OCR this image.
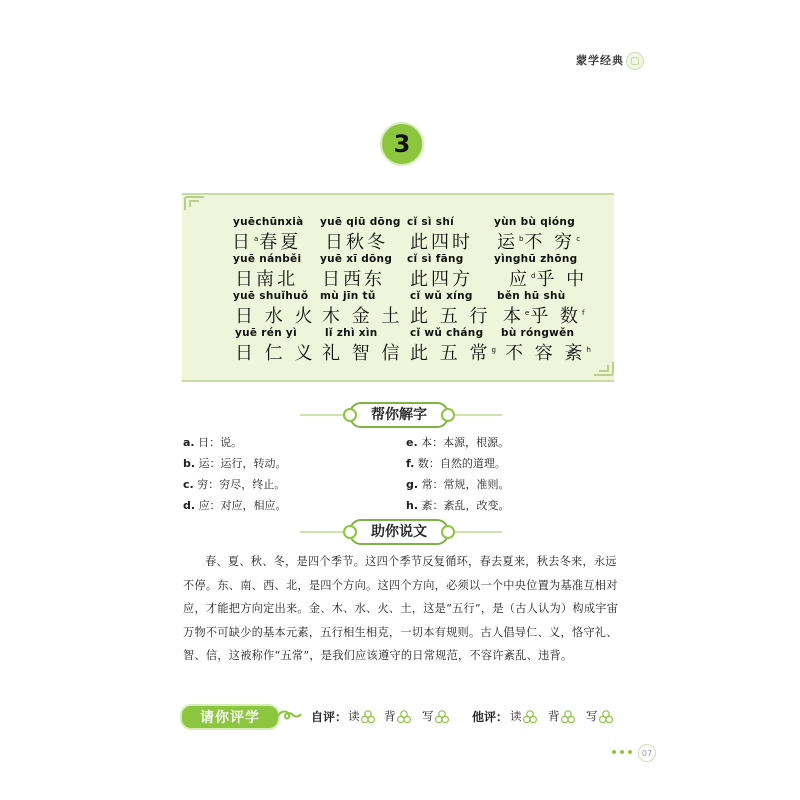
蒙学经典
3
yuēchūnxià yuē qiū dōng cǐ sì shí	yùn bù qióng
日$^a$春夏 日秋冬 此四时 运$^b$不 穷$^c$
yuē nánběi yuē xī dōng cǐ sì fāng	yìnghū zhōng
日南北 日西东 此四方 应$^d$乎 中
yuē shuǐhuǒ mù jīn tǔ	cǐ wǔ xíng běn hū shù
日 水 火 木 金 土 此 五 行 本$^e$乎 数$^f$
yuē rén yì	lǐ zhì xìn	cǐ wǔ cháng bù róngwěn
日 仁 义 礼 智 信 此 五 常$^g$ 不 容 紊$^h$
帮你解字
a. 日：说。
b. 运：运行，转动。
c. 穷：穷尽，终止。
d. 应：对应，相应。
e. 本：本源，根源。
f. 数：自然的道理。
g. 常：常规，准则。
h. 紊：紊乱，改变。
助你说文
春、夏、秋、冬，是四个季节。这四个季节反复循环，春去夏来，秋去冬来，永远不停。东、南、西、北，是四个方向。这四个方向，必须以一个中央位置为基准互相对应，才能把方向定出来。金、木、水、火、土，这是“五行”，是（古人认为）构成宇宙万物不可缺少的基本元素，五行相生相克，一切本有规则。古人倡导仁、义，恪守礼、智、信，这被称作“五常”，是我们应该遵守的日常规范，不容许紊乱、违背。
请你评学	自评： 读 背 写	他评： 读 背 写
07
